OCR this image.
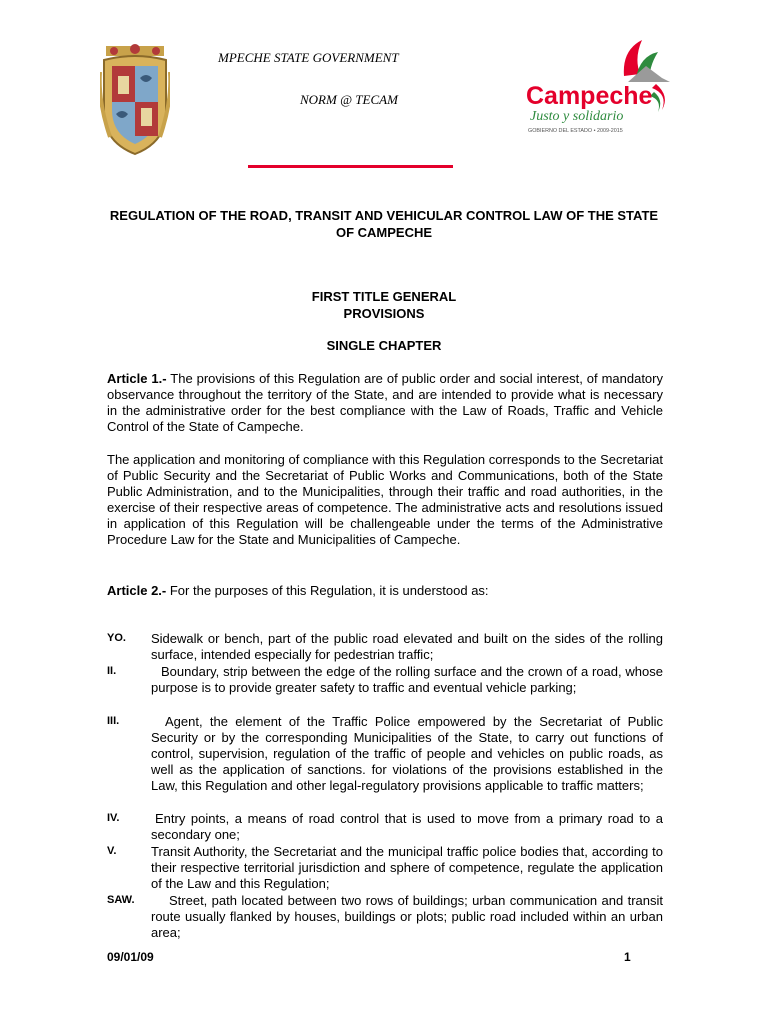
MPECHE STATE GOVERNMENT
NORM @ TECAM	Campeche
Justo y solidario
GOBIERNO DEL ESTADO • 2009-2015
REGULATION OF THE ROAD, TRANSIT AND VEHICULAR CONTROL LAW OF THE STATE OF CAMPECHE
FIRST TITLE GENERAL PROVISIONS
SINGLE CHAPTER
Article 1.- The provisions of this Regulation are of public order and social interest, of mandatory observance throughout the territory of the State, and are intended to provide what is necessary in the administrative order for the best compliance with the Law of Roads, Traffic and Vehicle Control of the State of Campeche.
The application and monitoring of compliance with this Regulation corresponds to the Secretariat of Public Security and the Secretariat of Public Works and Communications, both of the State Public Administration, and to the Municipalities, through their traffic and road authorities, in the exercise of their respective areas of competence. The administrative acts and resolutions issued in application of this Regulation will be challengeable under the terms of the Administrative Procedure Law for the State and Municipalities of Campeche.
Article 2.- For the purposes of this Regulation, it is understood as:
YO. Sidewalk or bench, part of the public road elevated and built on the sides of the rolling surface, intended especially for pedestrian traffic;
II.	Boundary, strip between the edge of the rolling surface and the crown of a road, whose purpose is to provide greater safety to traffic and eventual vehicle parking;
III.	Agent, the element of the Traffic Police empowered by the Secretariat of Public Security or by the corresponding Municipalities of the State, to carry out functions of control, supervision, regulation of the traffic of people and vehicles on public roads, as well as the application of sanctions. for violations of the provisions established in the Law, this Regulation and other legal-regulatory provisions applicable to traffic matters;
IV.	Entry points, a means of road control that is used to move from a primary road to a secondary one;
V.	Transit Authority, the Secretariat and the municipal traffic police bodies that, according to their respective territorial jurisdiction and sphere of competence, regulate the application of the Law and this Regulation;
SAW.	Street, path located between two rows of buildings; urban communication and transit route usually flanked by houses, buildings or plots; public road included within an urban area;
09/01/09	1
